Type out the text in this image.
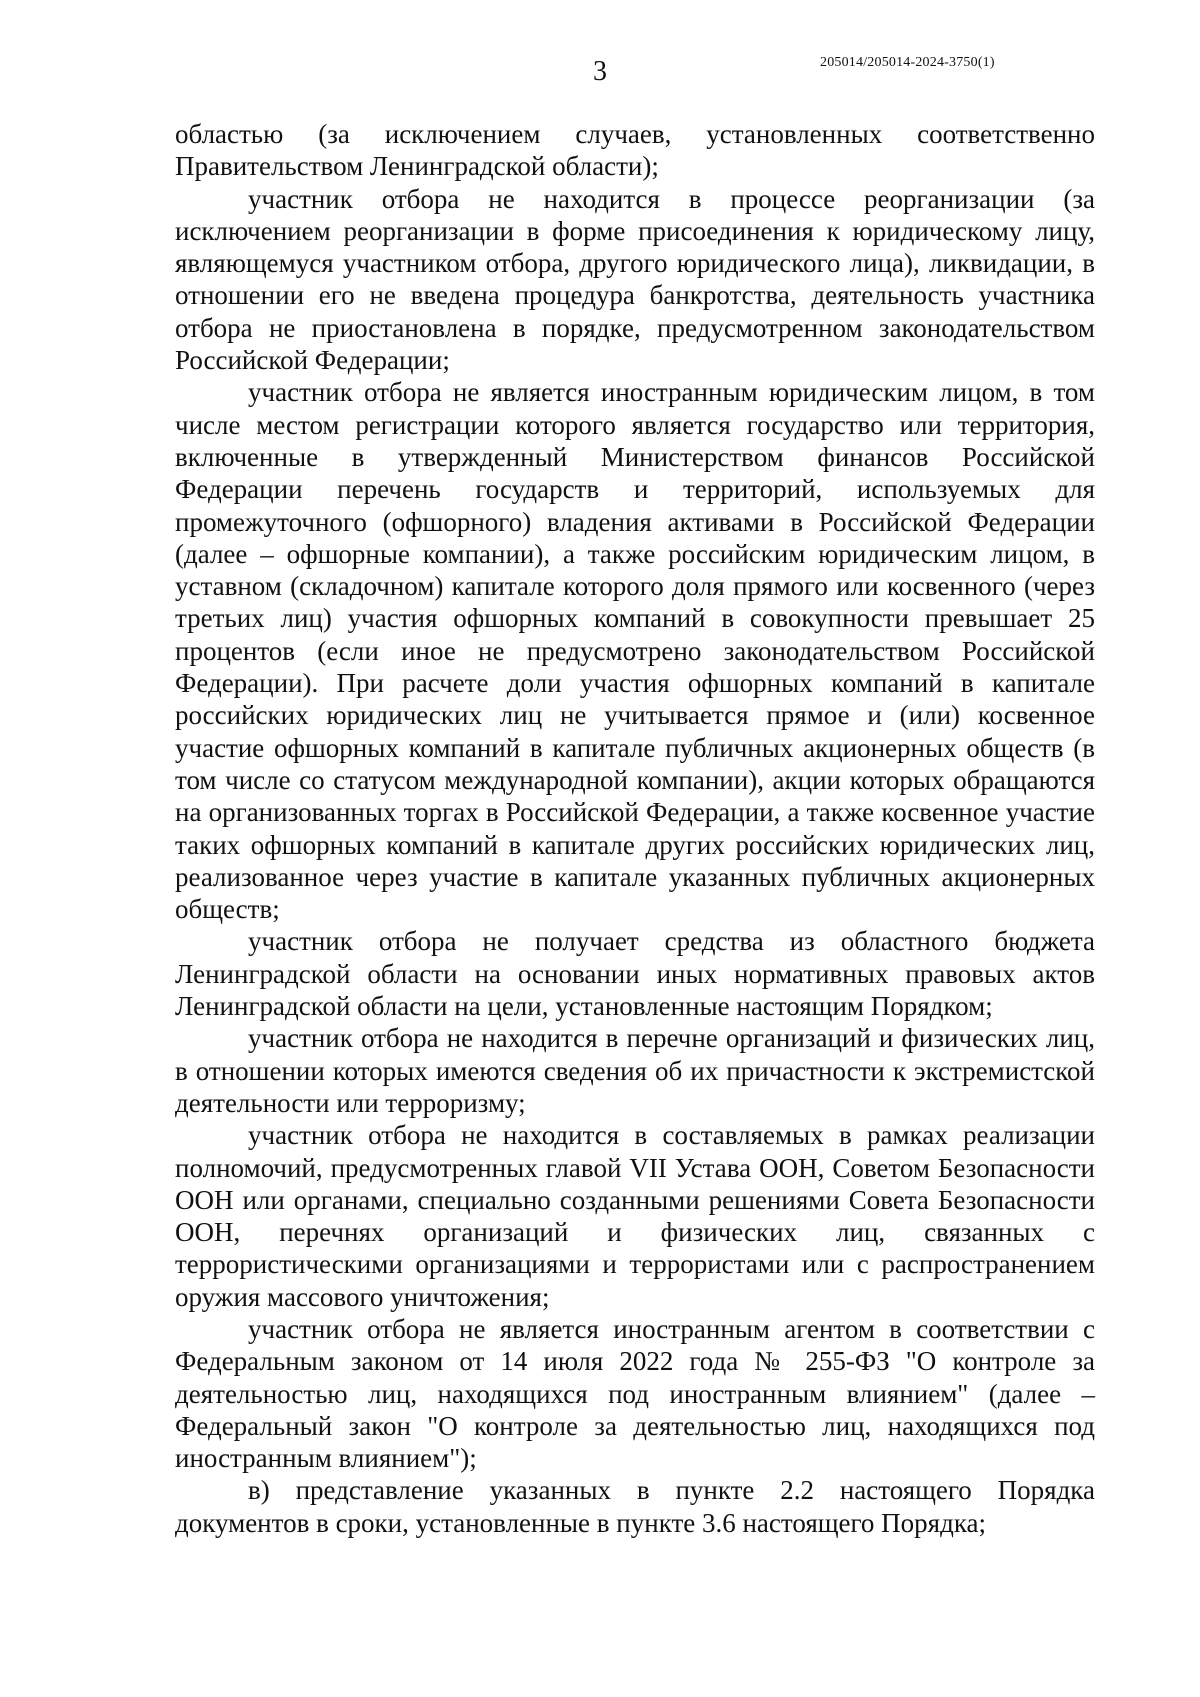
3	205014/205014-2024-3750(1)

областью (за исключением случаев, установленных соответственно Правительством Ленинградской области);

участник отбора не находится в процессе реорганизации (за исключением реорганизации в форме присоединения к юридическому лицу, являющемуся участником отбора, другого юридического лица), ликвидации, в отношении его не введена процедура банкротства, деятельность участника отбора не приостановлена в порядке, предусмотренном законодательством Российской Федерации;

участник отбора не является иностранным юридическим лицом, в том числе местом регистрации которого является государство или территория, включенные в утвержденный Министерством финансов Российской Федерации перечень государств и территорий, используемых для промежуточного (офшорного) владения активами в Российской Федерации (далее – офшорные компании), а также российским юридическим лицом, в уставном (складочном) капитале которого доля прямого или косвенного (через третьих лиц) участия офшорных компаний в совокупности превышает 25 процентов (если иное не предусмотрено законодательством Российской Федерации). При расчете доли участия офшорных компаний в капитале российских юридических лиц не учитывается прямое и (или) косвенное участие офшорных компаний в капитале публичных акционерных обществ (в том числе со статусом международной компании), акции которых обращаются на организованных торгах в Российской Федерации, а также косвенное участие таких офшорных компаний в капитале других российских юридических лиц, реализованное через участие в капитале указанных публичных акционерных обществ;

участник отбора не получает средства из областного бюджета Ленинградской области на основании иных нормативных правовых актов Ленинградской области на цели, установленные настоящим Порядком;

участник отбора не находится в перечне организаций и физических лиц, в отношении которых имеются сведения об их причастности к экстремистской деятельности или терроризму;

участник отбора не находится в составляемых в рамках реализации полномочий, предусмотренных главой VII Устава ООН, Советом Безопасности ООН или органами, специально созданными решениями Совета Безопасности ООН, перечнях организаций и физических лиц, связанных с террористическими организациями и террористами или с распространением оружия массового уничтожения;

участник отбора не является иностранным агентом в соответствии с Федеральным законом от 14 июля 2022 года № 255-ФЗ "О контроле за деятельностью лиц, находящихся под иностранным влиянием" (далее – Федеральный закон "О контроле за деятельностью лиц, находящихся под иностранным влиянием");

в) представление указанных в пункте 2.2 настоящего Порядка документов в сроки, установленные в пункте 3.6 настоящего Порядка;
